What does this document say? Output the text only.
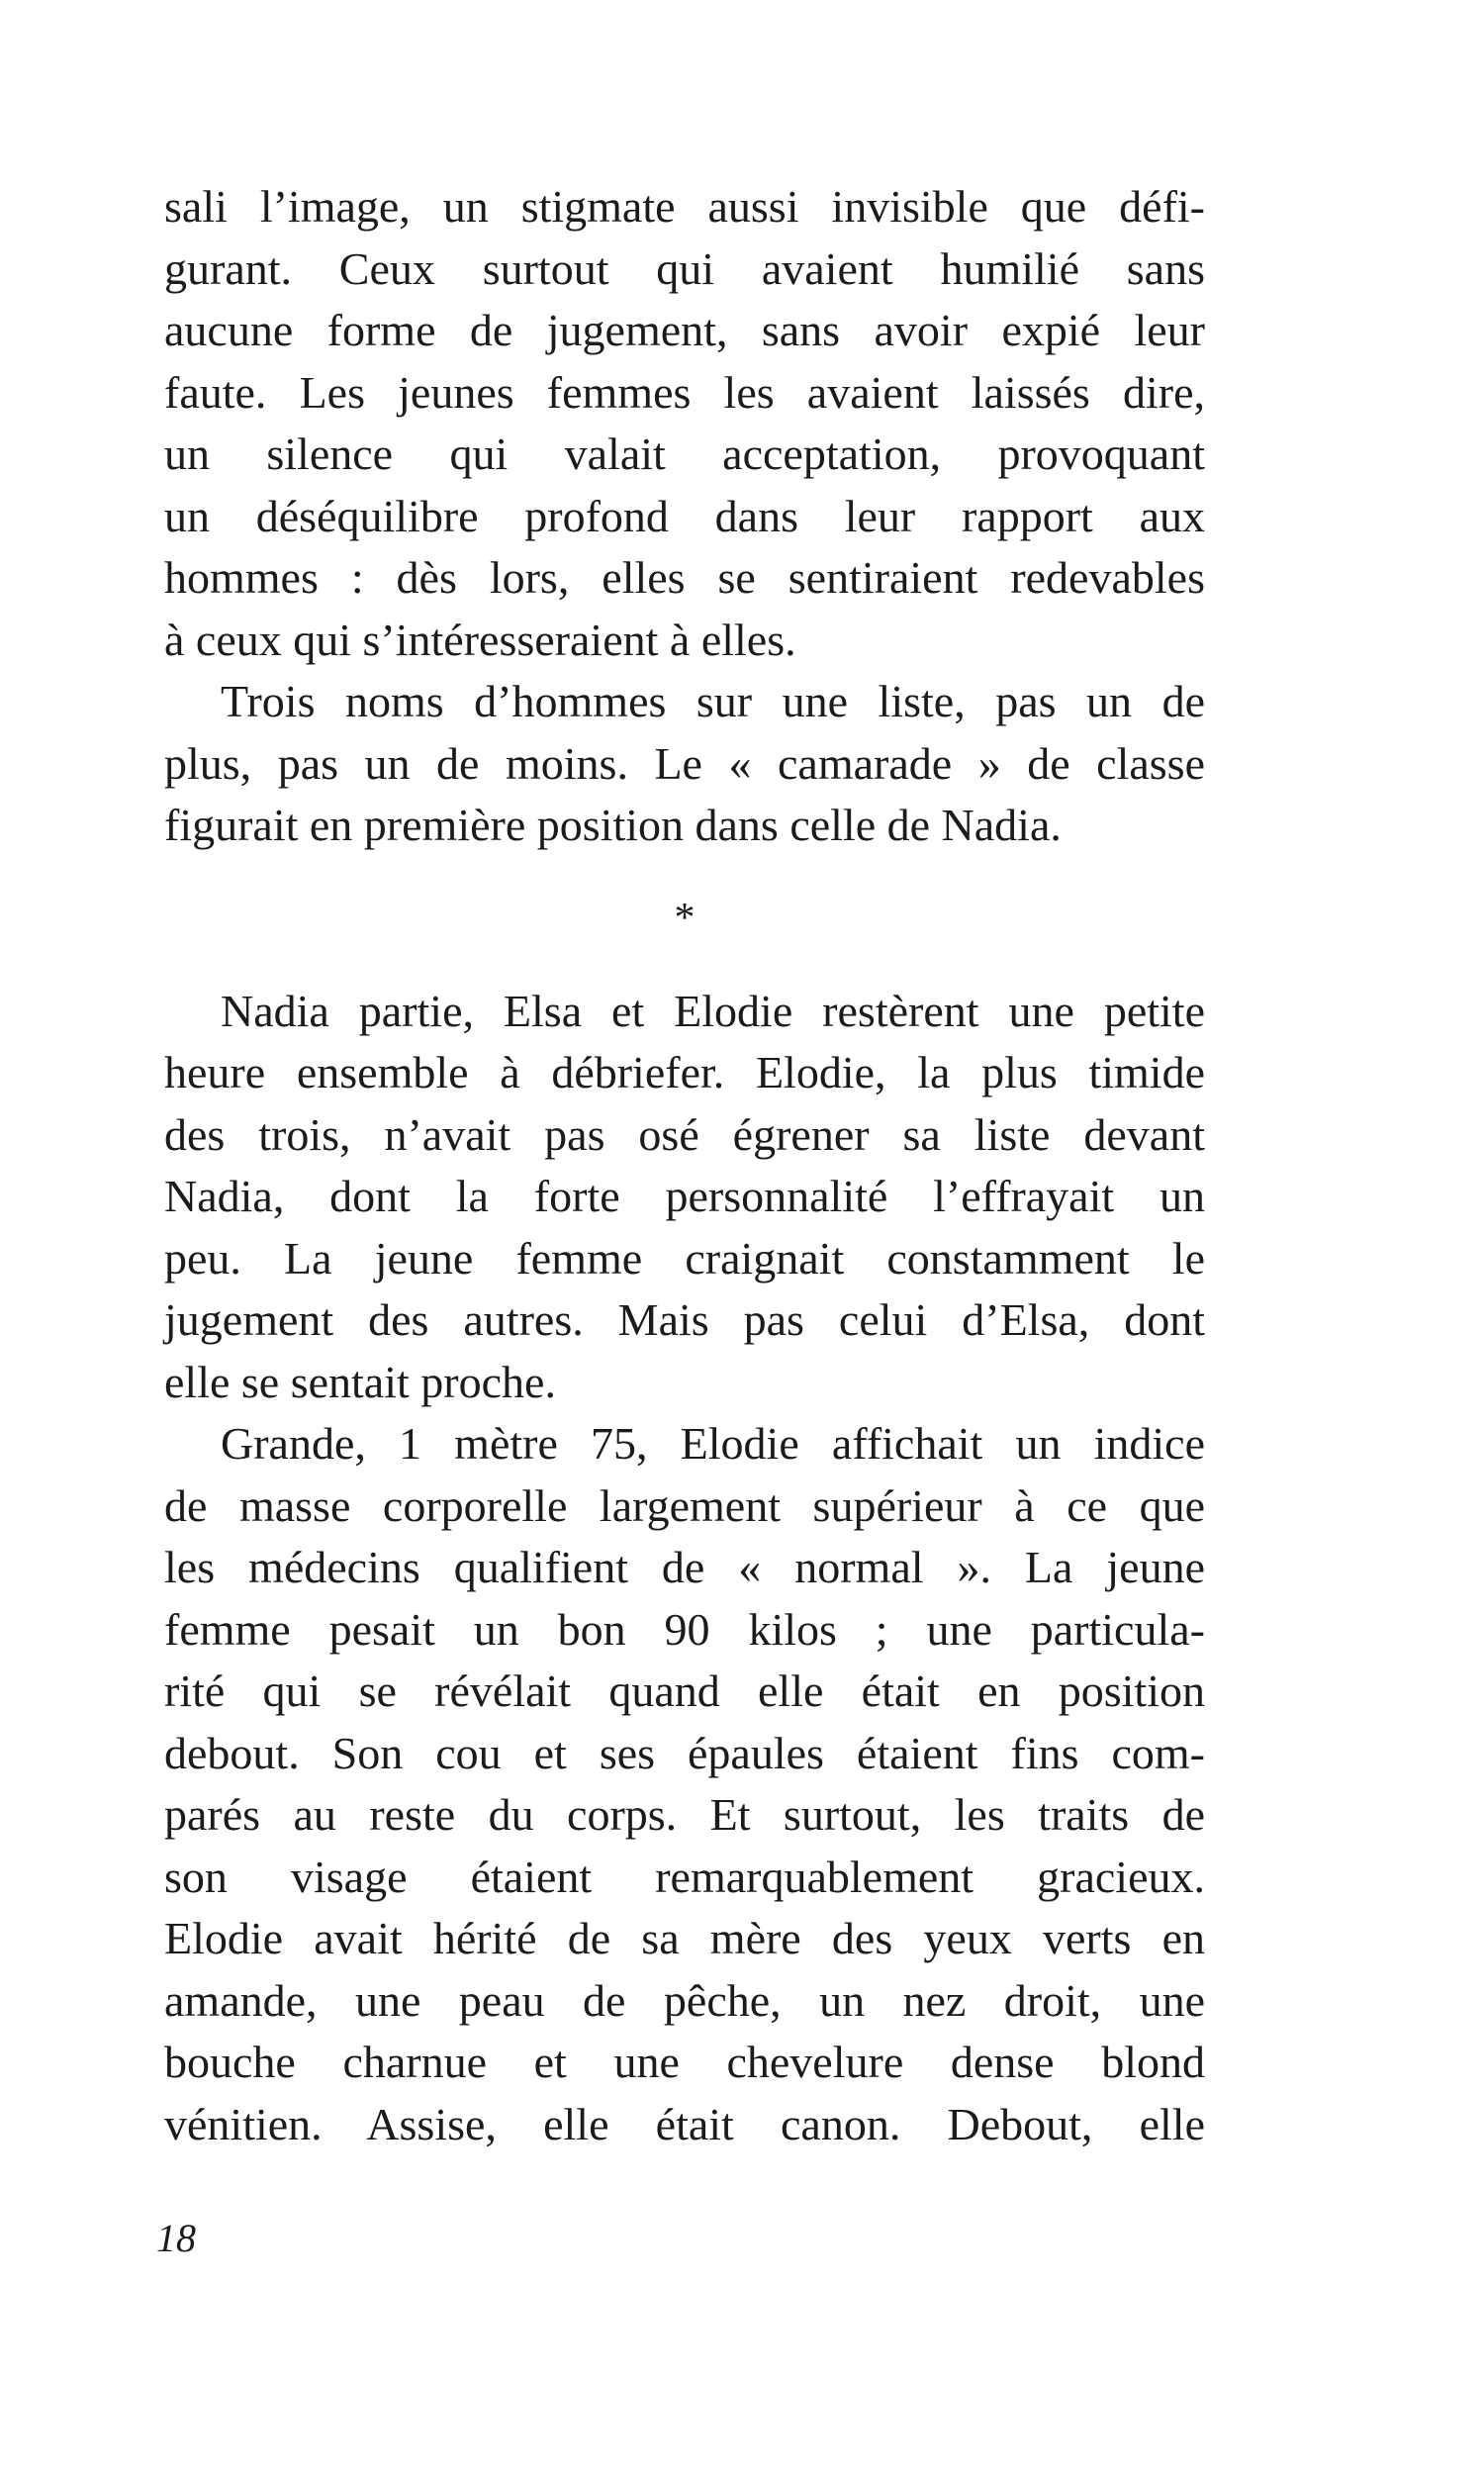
sali l’image, un stigmate aussi invisible que défi-
gurant. Ceux surtout qui avaient humilié sans
aucune forme de jugement, sans avoir expié leur
faute. Les jeunes femmes les avaient laissés dire,
un silence qui valait acceptation, provoquant
un déséquilibre profond dans leur rapport aux
hommes : dès lors, elles se sentiraient redevables
à ceux qui s’intéresseraient à elles.
Trois noms d’hommes sur une liste, pas un de
plus, pas un de moins. Le « camarade » de classe
figurait en première position dans celle de Nadia.
*
Nadia partie, Elsa et Elodie restèrent une petite
heure ensemble à débriefer. Elodie, la plus timide
des trois, n’avait pas osé égrener sa liste devant
Nadia, dont la forte personnalité l’effrayait un
peu. La jeune femme craignait constamment le
jugement des autres. Mais pas celui d’Elsa, dont
elle se sentait proche.
Grande, 1 mètre 75, Elodie affichait un indice
de masse corporelle largement supérieur à ce que
les médecins qualifient de « normal ». La jeune
femme pesait un bon 90 kilos ; une particula-
rité qui se révélait quand elle était en position
debout. Son cou et ses épaules étaient fins com-
parés au reste du corps. Et surtout, les traits de
son visage étaient remarquablement gracieux.
Elodie avait hérité de sa mère des yeux verts en
amande, une peau de pêche, un nez droit, une
bouche charnue et une chevelure dense blond
vénitien. Assise, elle était canon. Debout, elle
18
